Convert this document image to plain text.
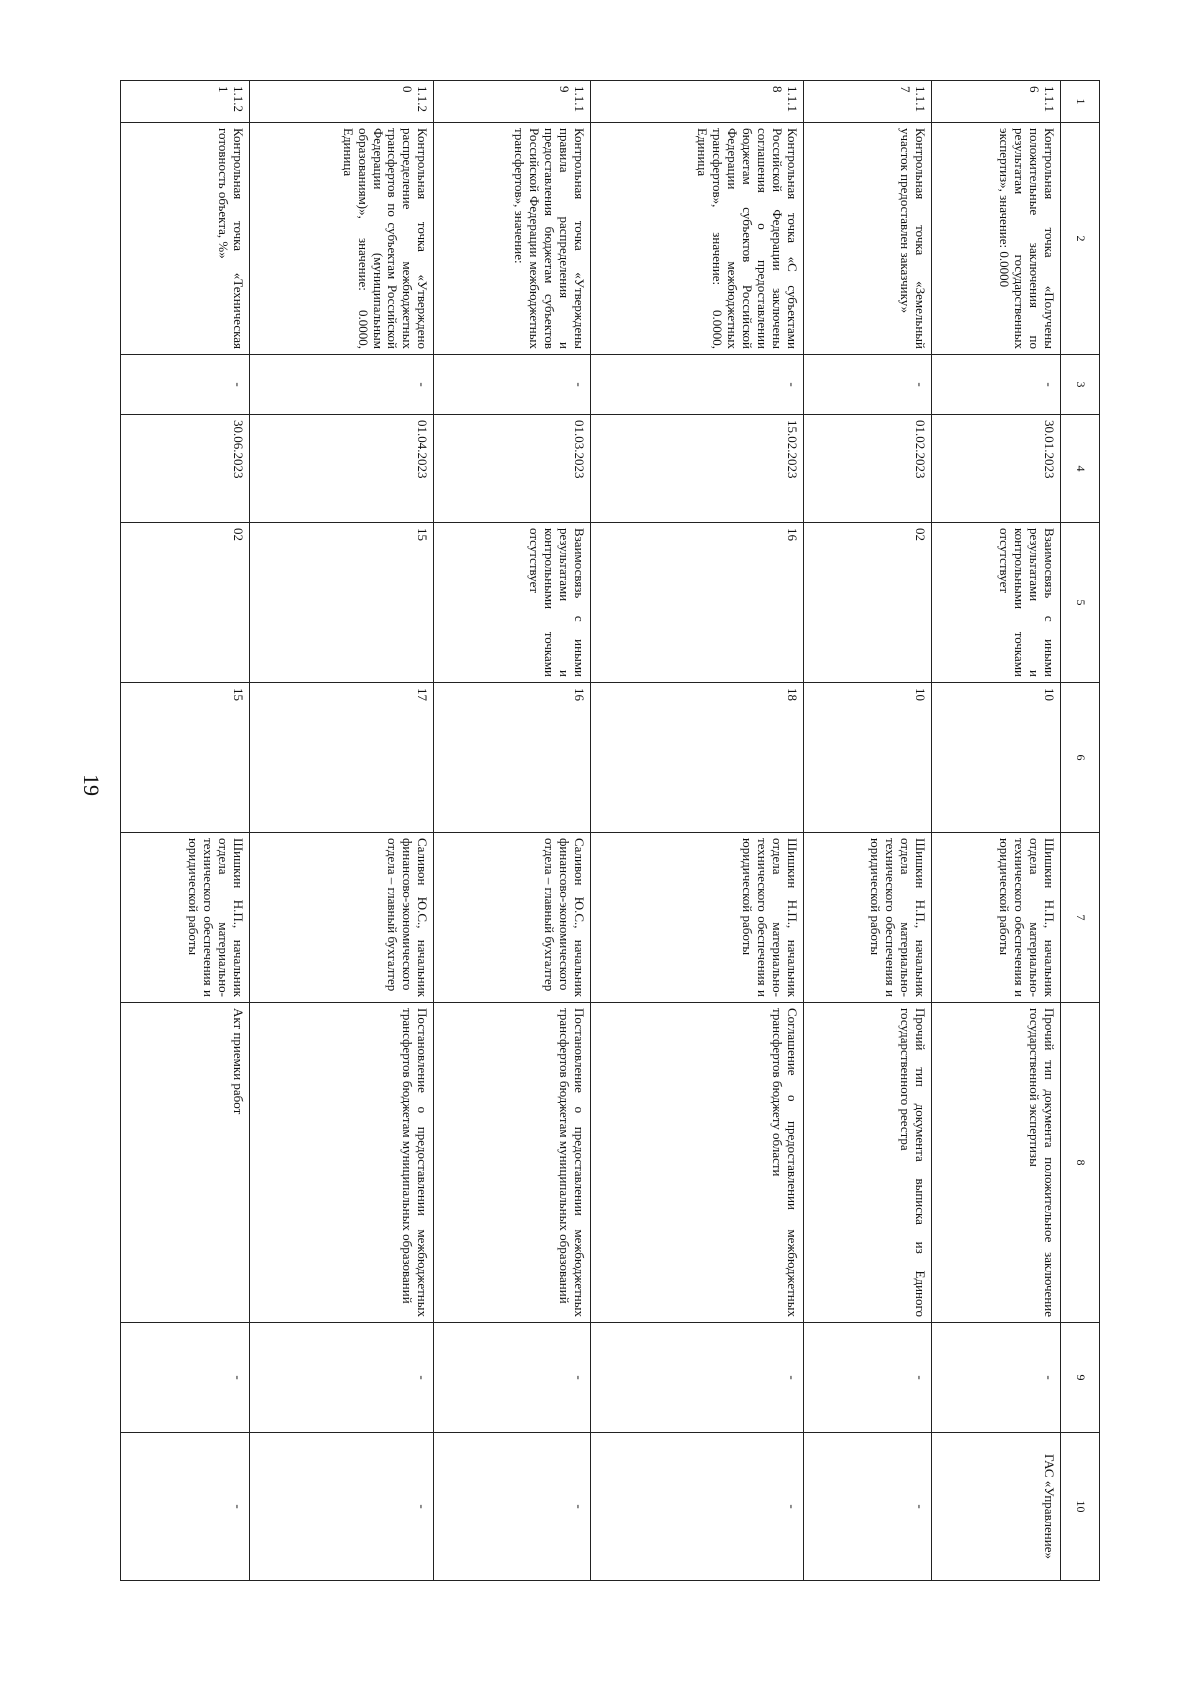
19
1	2	3	4	5	6	7	8	9	10
1.1.16	Контрольная точка «Получены положительные заключения по результатам государственных экспертиз», значение: 0.0000	-	30.01.2023	Взаимосвязь с иными результатами и контрольными точками отсутствует	10	Шишкин Н.П., начальник отдела материально-технического обеспечения и юридической работы	Прочий тип документа положительное заключение государственной экспертизы	-	ГАС «Управление»
1.1.17	Контрольная точка «Земельный участок предоставлен заказчику»	-	01.02.2023	02	10	Шишкин Н.П., начальник отдела материально-технического обеспечения и юридической работы	Прочий тип документа выписка из Единого государственного реестра	-	-
1.1.18	Контрольная точка «С субъектами Российской Федерации заключены соглашения о предоставлении бюджетам субъектов Российской Федерации межбюджетных трансфертов», значение: 0.0000, Единица	-	15.02.2023	16	18	Шишкин Н.П., начальник отдела материально-технического обеспечения и юридической работы	Соглашение о предоставлении межбюджетных трансфертов бюджету области	-	-
1.1.19	Контрольная точка «Утверждены правила распределения и предоставления бюджетам субъектов Российской Федерации межбюджетных трансфертов», значение:	-	01.03.2023	Взаимосвязь с иными результатами и контрольными точками отсутствует	16	Саливон Ю.С., начальник финансово-экономического отдела – главный бухгалтер	Постановление о предоставлении межбюджетных трансфертов бюджетам муниципальных образований	-	-
1.1.20	Контрольная точка «Утверждено распределение межбюджетных трансфертов по субъектам Российской Федерации (муниципальным образованиям)», значение: 0.0000, Единица	-	01.04.2023	15	17	Саливон Ю.С., начальник финансово-экономического отдела – главный бухгалтер	Постановление о предоставлении межбюджетных трансфертов бюджетам муниципальных образований	-	-
1.1.21	Контрольная точка «Техническая готовность объекта, %»	-	30.06.2023	02	15	Шишкин Н.П., начальник отдела материально-технического обеспечения и юридической работы	Акт приемки работ	-	-
